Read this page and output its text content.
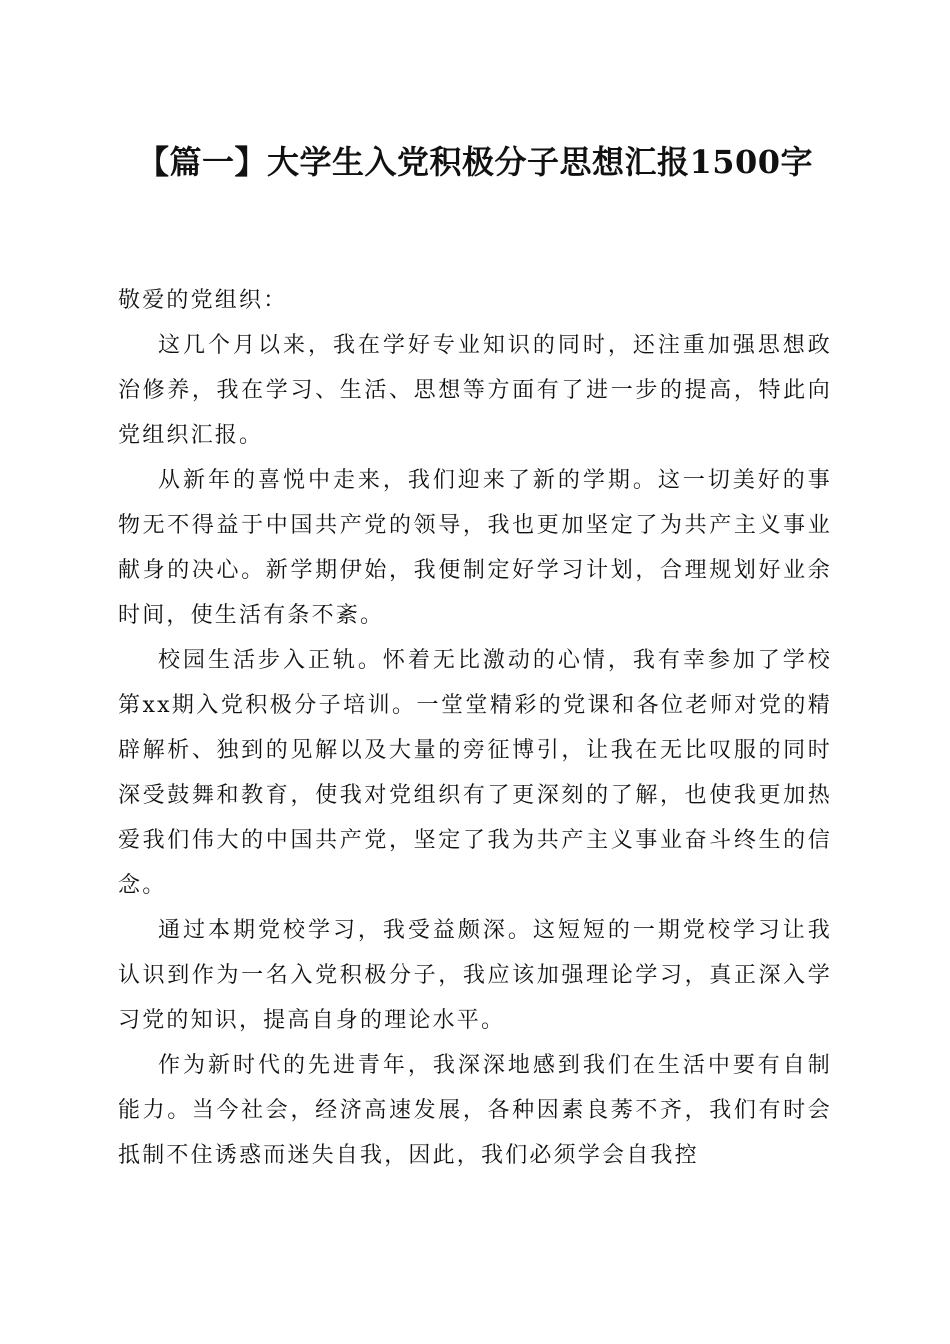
【篇一】大学生入党积极分子思想汇报1500字

敬爱的党组织：

这几个月以来，我在学好专业知识的同时，还注重加强思想政治修养，我在学习、生活、思想等方面有了进一步的提高，特此向党组织汇报。

从新年的喜悦中走来，我们迎来了新的学期。这一切美好的事物无不得益于中国共产党的领导，我也更加坚定了为共产主义事业献身的决心。新学期伊始，我便制定好学习计划，合理规划好业余时间，使生活有条不紊。

校园生活步入正轨。怀着无比激动的心情，我有幸参加了学校第xx期入党积极分子培训。一堂堂精彩的党课和各位老师对党的精辟解析、独到的见解以及大量的旁征博引，让我在无比叹服的同时深受鼓舞和教育，使我对党组织有了更深刻的了解，也使我更加热爱我们伟大的中国共产党，坚定了我为共产主义事业奋斗终生的信念。

通过本期党校学习，我受益颇深。这短短的一期党校学习让我认识到作为一名入党积极分子，我应该加强理论学习，真正深入学习党的知识，提高自身的理论水平。

作为新时代的先进青年，我深深地感到我们在生活中要有自制能力。当今社会，经济高速发展，各种因素良莠不齐，我们有时会抵制不住诱惑而迷失自我，因此，我们必须学会自我控
